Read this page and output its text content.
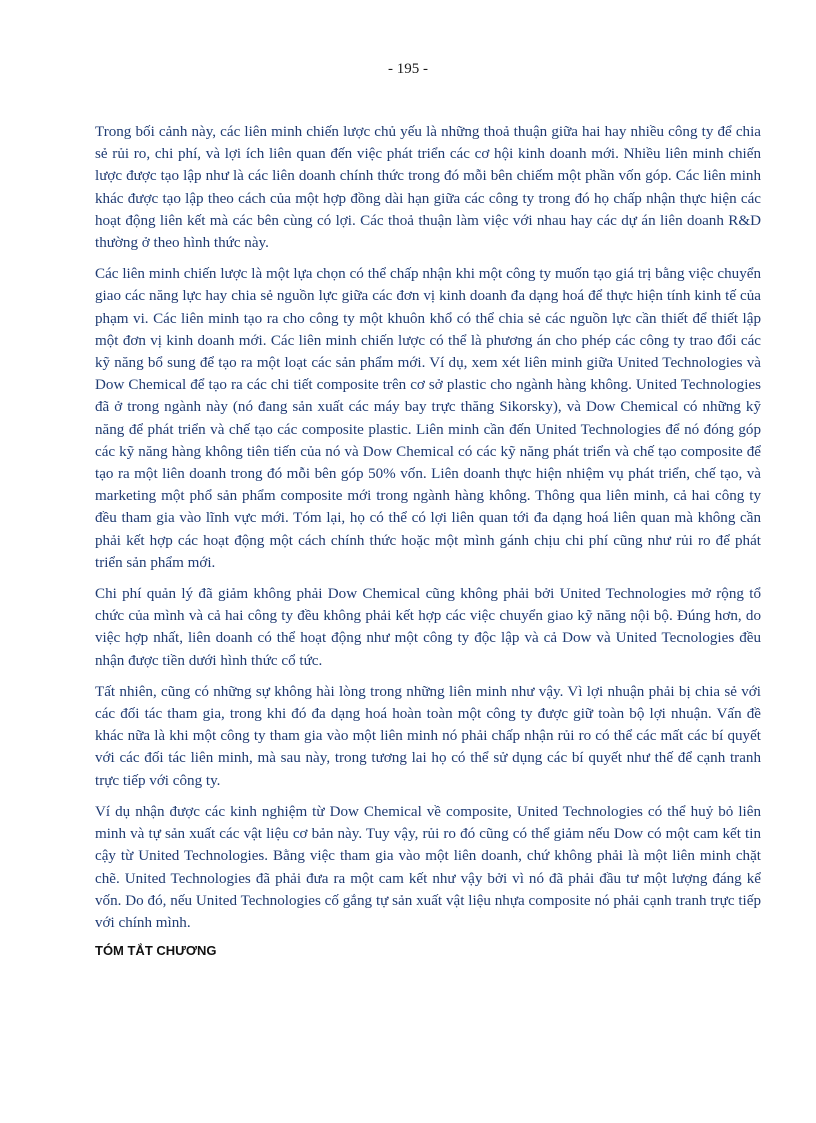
- 195 -

Trong bối cảnh này, các liên minh chiến lược chủ yếu là những thoả thuận giữa hai hay nhiều công ty để chia sẻ rủi ro, chi phí, và lợi ích liên quan đến việc phát triển các cơ hội kinh doanh mới. Nhiều liên minh chiến lược được tạo lập như là các liên doanh chính thức trong đó mỗi bên chiếm một phần vốn góp. Các liên minh khác được tạo lập theo cách của một hợp đồng dài hạn giữa các công ty trong đó họ chấp nhận thực hiện các hoạt động liên kết mà các bên cùng có lợi. Các thoả thuận làm việc với nhau hay các dự án liên doanh R&D thường ở theo hình thức này.

Các liên minh chiến lược là một lựa chọn có thể chấp nhận khi một công ty muốn tạo giá trị bằng việc chuyển giao các năng lực hay chia sẻ nguồn lực giữa các đơn vị kinh doanh đa dạng hoá để thực hiện tính kinh tế của phạm vi. Các liên minh tạo ra cho công ty một khuôn khổ có thể chia sẻ các nguồn lực cần thiết để thiết lập một đơn vị kinh doanh mới. Các liên minh chiến lược có thể là phương án cho phép các công ty trao đổi các kỹ năng bổ sung để tạo ra một loạt các sản phẩm mới. Ví dụ, xem xét liên minh giữa United Technologies và Dow Chemical để tạo ra các chi tiết composite trên cơ sở plastic cho ngành hàng không. United Technologies đã ở trong ngành này (nó đang sản xuất các máy bay trực thăng Sikorsky), và Dow Chemical có những kỹ năng để phát triển và chế tạo các composite plastic. Liên minh cần đến United Technologies để nó đóng góp các kỹ năng hàng không tiên tiến của nó và Dow Chemical có các kỹ năng phát triển và chế tạo composite để tạo ra một liên doanh trong đó mỗi bên góp 50% vốn. Liên doanh thực hiện nhiệm vụ phát triển, chế tạo, và marketing một phổ sản phẩm composite mới trong ngành hàng không. Thông qua liên minh, cả hai công ty đều tham gia vào lĩnh vực mới. Tóm lại, họ có thể có lợi liên quan tới đa dạng hoá liên quan mà không cần phải kết hợp các hoạt động một cách chính thức hoặc một mình gánh chịu chi phí cũng như rủi ro để phát triển sản phẩm mới.

Chi phí quản lý đã giảm không phải Dow Chemical cũng không phải bởi United Technologies mở rộng tổ chức của mình và cả hai công ty đều không phải kết hợp các việc chuyển giao kỹ năng nội bộ. Đúng hơn, do việc hợp nhất, liên doanh có thể hoạt động như một công ty độc lập và cả Dow và United Tecnologies đều nhận được tiền dưới hình thức cổ tức.

Tất nhiên, cũng có những sự không hài lòng trong những liên minh như vậy. Vì lợi nhuận phải bị chia sẻ với các đối tác tham gia, trong khi đó đa dạng hoá hoàn toàn một công ty được giữ toàn bộ lợi nhuận. Vấn đề khác nữa là khi một công ty tham gia vào một liên minh nó phải chấp nhận rủi ro có thể các mất các bí quyết với các đối tác liên minh, mà sau này, trong tương lai họ có thể sử dụng các bí quyết như thế để cạnh tranh trực tiếp với công ty.

Ví dụ nhận được các kinh nghiệm từ Dow Chemical về composite, United Technologies có thể huỷ bỏ liên minh và tự sản xuất các vật liệu cơ bản này. Tuy vậy, rủi ro đó cũng có thể giảm nếu Dow có một cam kết tin cậy từ United Technologies. Bằng việc tham gia vào một liên doanh, chứ không phải là một liên minh chặt chẽ. United Technologies đã phải đưa ra một cam kết như vậy bởi vì nó đã phải đầu tư một lượng đáng kể vốn. Do đó, nếu United Technologies cố gắng tự sản xuất vật liệu nhựa composite nó phải cạnh tranh trực tiếp với chính mình.

TÓM TẮT CHƯƠNG
